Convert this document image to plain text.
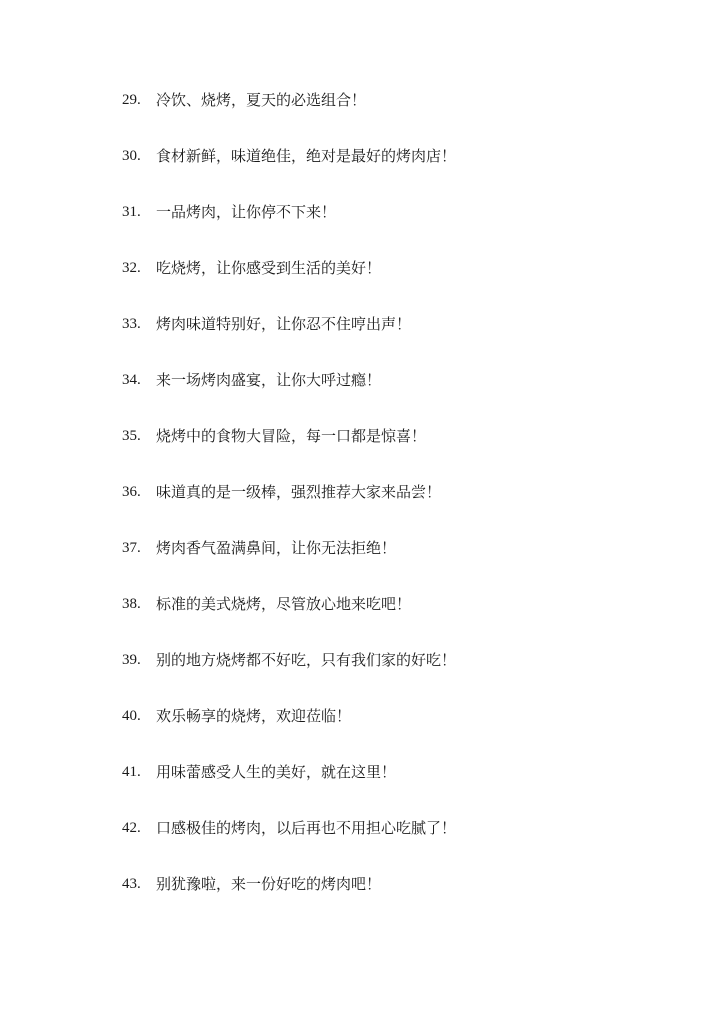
29.	冷饮、烧烤，夏天的必选组合！
30.	食材新鲜，味道绝佳，绝对是最好的烤肉店！
31.	一品烤肉，让你停不下来！
32.	吃烧烤，让你感受到生活的美好！
33.	烤肉味道特别好，让你忍不住哼出声！
34.	来一场烤肉盛宴，让你大呼过瘾！
35.	烧烤中的食物大冒险，每一口都是惊喜！
36.	味道真的是一级棒，强烈推荐大家来品尝！
37.	烤肉香气盈满鼻间，让你无法拒绝！
38.	标准的美式烧烤，尽管放心地来吃吧！
39.	别的地方烧烤都不好吃，只有我们家的好吃！
40.	欢乐畅享的烧烤，欢迎莅临！
41.	用味蕾感受人生的美好，就在这里！
42.	口感极佳的烤肉，以后再也不用担心吃腻了！
43.	别犹豫啦，来一份好吃的烤肉吧！
